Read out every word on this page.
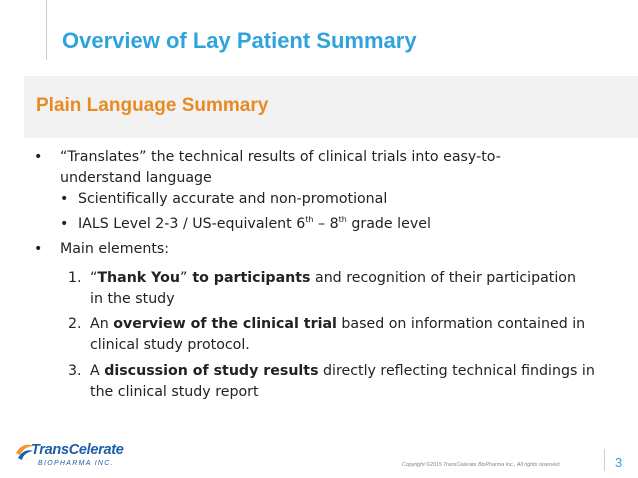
Overview of Lay Patient Summary
Plain Language Summary
• “Translates” the technical results of clinical trials into easy-to-
understand language
• Scientifically accurate and non-promotional
• IALS Level 2-3 / US-equivalent 6th – 8th grade level
• Main elements:
1. “Thank You” to participants and recognition of their participation
in the study
2. An overview of the clinical trial based on information contained in
clinical study protocol.
3. A discussion of study results directly reflecting technical findings in
the clinical study report
TransCelerate
BIOPHARMA INC.	Copyright ©2015 TransCelerate BioPharma Inc., All rights reserved.	3
